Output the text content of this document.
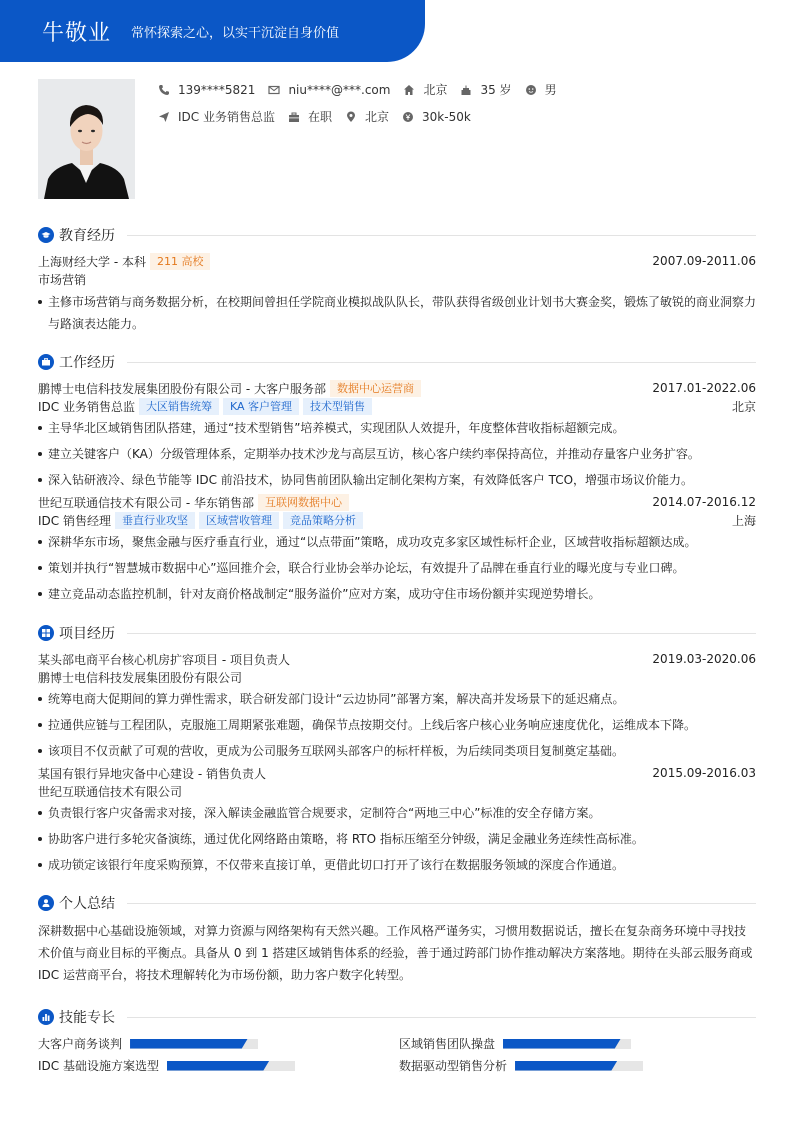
牛敬业 常怀探索之心，以实干沉淀自身价值
139****5821	niu****@***.com	北京	35 岁	男
IDC 业务销售总监	在职	北京	30k-50k
教育经历
上海财经大学 - 本科	211 高校	2007.09-2011.06
市场营销
主修市场营销与商务数据分析，在校期间曾担任学院商业模拟战队队长，带队获得省级创业计划书大赛金奖，锻炼了敏锐的商业洞察力与路演表达能力。
工作经历
鹏博士电信科技发展集团股份有限公司 - 大客户服务部	数据中心运营商	2017.01-2022.06
IDC 业务销售总监	大区销售统筹	KA 客户管理	技术型销售	北京
主导华北区域销售团队搭建，通过“技术型销售”培养模式，实现团队人效提升，年度整体营收指标超额完成。
建立关键客户（KA）分级管理体系，定期举办技术沙龙与高层互访，核心客户续约率保持高位，并推动存量客户业务扩容。
深入钻研液冷、绿色节能等 IDC 前沿技术，协同售前团队输出定制化架构方案，有效降低客户 TCO，增强市场议价能力。
世纪互联通信技术有限公司 - 华东销售部	互联网数据中心	2014.07-2016.12
IDC 销售经理	垂直行业攻坚	区域营收管理	竞品策略分析	上海
深耕华东市场，聚焦金融与医疗垂直行业，通过“以点带面”策略，成功攻克多家区域性标杆企业，区域营收指标超额达成。
策划并执行“智慧城市数据中心”巡回推介会，联合行业协会举办论坛，有效提升了品牌在垂直行业的曝光度与专业口碑。
建立竞品动态监控机制，针对友商价格战制定“服务溢价”应对方案，成功守住市场份额并实现逆势增长。
项目经历
某头部电商平台核心机房扩容项目 - 项目负责人	2019.03-2020.06
鹏博士电信科技发展集团股份有限公司
统筹电商大促期间的算力弹性需求，联合研发部门设计“云边协同”部署方案，解决高并发场景下的延迟痛点。
拉通供应链与工程团队，克服施工周期紧张难题，确保节点按期交付。上线后客户核心业务响应速度优化，运维成本下降。
该项目不仅贡献了可观的营收，更成为公司服务互联网头部客户的标杆样板，为后续同类项目复制奠定基础。
某国有银行异地灾备中心建设 - 销售负责人	2015.09-2016.03
世纪互联通信技术有限公司
负责银行客户灾备需求对接，深入解读金融监管合规要求，定制符合“两地三中心”标准的安全存储方案。
协助客户进行多轮灾备演练，通过优化网络路由策略，将 RTO 指标压缩至分钟级，满足金融业务连续性高标准。
成功锁定该银行年度采购预算，不仅带来直接订单，更借此切口打开了该行在数据服务领域的深度合作通道。
个人总结
深耕数据中心基础设施领域，对算力资源与网络架构有天然兴趣。工作风格严谨务实，习惯用数据说话，擅长在复杂商务环境中寻找技术价值与商业目标的平衡点。具备从 0 到 1 搭建区域销售体系的经验，善于通过跨部门协作推动解决方案落地。期待在头部云服务商或 IDC 运营商平台，将技术理解转化为市场份额，助力客户数字化转型。
技能专长
大客户商务谈判	区域销售团队操盘
IDC 基础设施方案选型	数据驱动型销售分析
